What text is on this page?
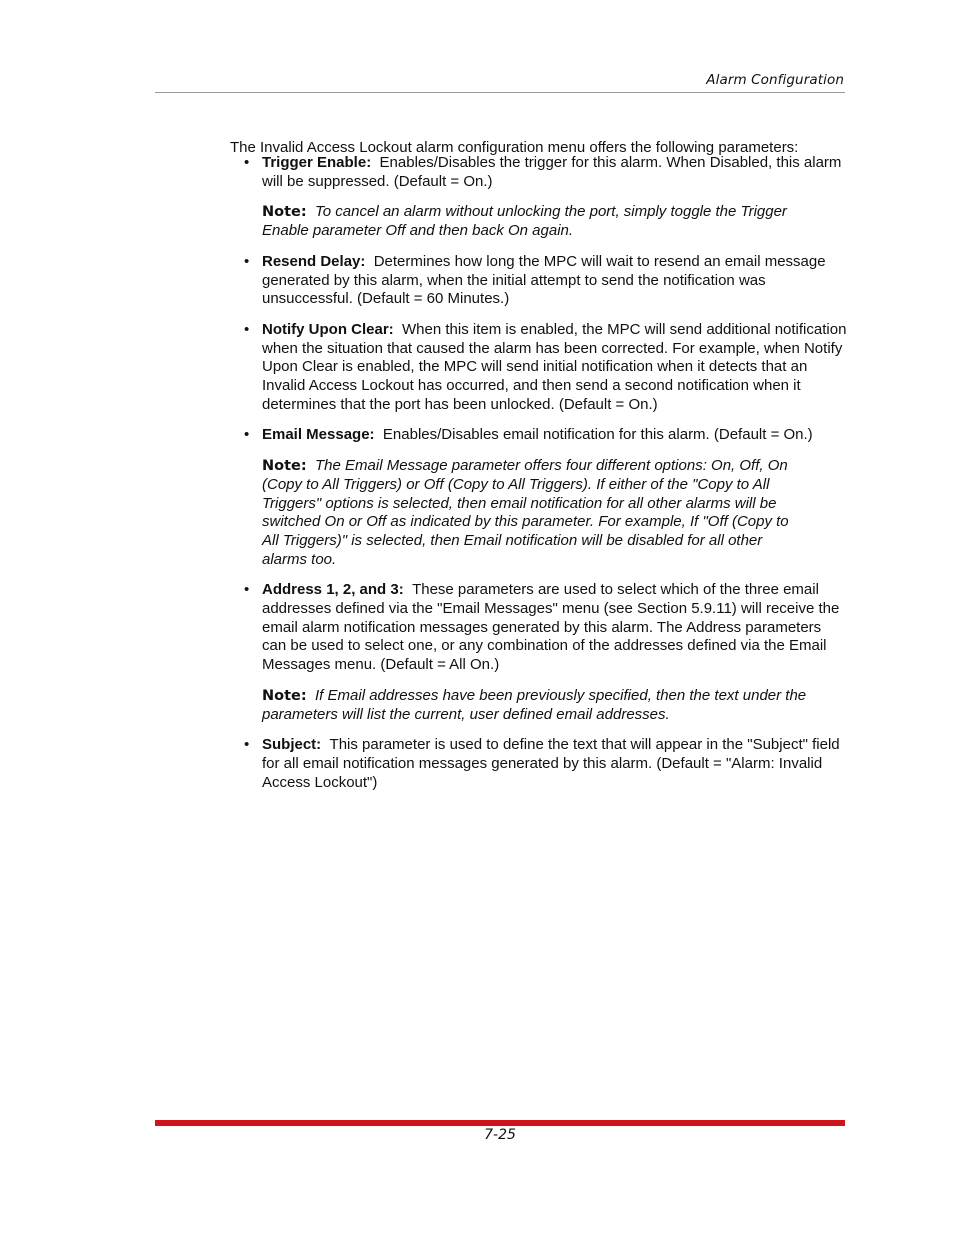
Alarm Configuration

The Invalid Access Lockout alarm configuration menu offers the following parameters:

• Trigger Enable: Enables/Disables the trigger for this alarm. When Disabled, this alarm will be suppressed. (Default = On.)
Note: To cancel an alarm without unlocking the port, simply toggle the Trigger Enable parameter Off and then back On again.
• Resend Delay: Determines how long the MPC will wait to resend an email message generated by this alarm, when the initial attempt to send the notification was unsuccessful. (Default = 60 Minutes.)
• Notify Upon Clear: When this item is enabled, the MPC will send additional notification when the situation that caused the alarm has been corrected. For example, when Notify Upon Clear is enabled, the MPC will send initial notification when it detects that an Invalid Access Lockout has occurred, and then send a second notification when it determines that the port has been unlocked. (Default = On.)
• Email Message: Enables/Disables email notification for this alarm. (Default = On.)
Note: The Email Message parameter offers four different options: On, Off, On (Copy to All Triggers) or Off (Copy to All Triggers). If either of the "Copy to All Triggers" options is selected, then email notification for all other alarms will be switched On or Off as indicated by this parameter. For example, If "Off (Copy to All Triggers)" is selected, then Email notification will be disabled for all other alarms too.
• Address 1, 2, and 3: These parameters are used to select which of the three email addresses defined via the "Email Messages" menu (see Section 5.9.11) will receive the email alarm notification messages generated by this alarm. The Address parameters can be used to select one, or any combination of the addresses defined via the Email Messages menu. (Default = All On.)
Note: If Email addresses have been previously specified, then the text under the parameters will list the current, user defined email addresses.
• Subject: This parameter is used to define the text that will appear in the "Subject" field for all email notification messages generated by this alarm. (Default = "Alarm: Invalid Access Lockout")
7-25
